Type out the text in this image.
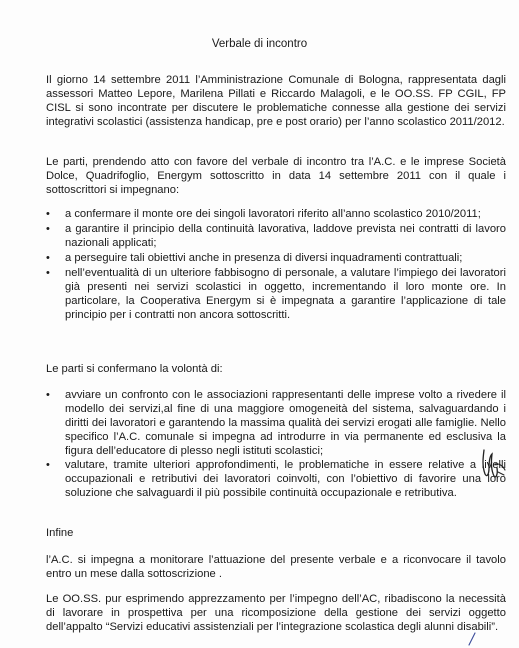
Verbale di incontro

Il giorno 14 settembre 2011 l’Amministrazione Comunale di Bologna, rappresentata dagli assessori Matteo Lepore, Marilena Pillati e Riccardo Malagoli, e le OO.SS. FP CGIL, FP CISL si sono incontrate per discutere le problematiche connesse alla gestione dei servizi integrativi scolastici (assistenza handicap, pre e post orario) per l’anno scolastico 2011/2012.

Le parti, prendendo atto con favore del verbale di incontro tra l’A.C. e le imprese Società Dolce, Quadrifoglio, Energym sottoscritto in data 14 settembre 2011 con il quale i sottoscrittori si impegnano:

•	a confermare il monte ore dei singoli lavoratori riferito all’anno scolastico 2010/2011;
•	a garantire il principio della continuità lavorativa, laddove prevista nei contratti di lavoro nazionali applicati;
•	a perseguire tali obiettivi anche in presenza di diversi inquadramenti contrattuali;
•	nell’eventualità di un ulteriore fabbisogno di personale, a valutare l’impiego dei lavoratori già presenti nei servizi scolastici in oggetto, incrementando il loro monte ore. In particolare, la Cooperativa Energym si è impegnata a garantire l’applicazione di tale principio per i contratti non ancora sottoscritti.

Le parti si confermano la volontà di:

•	avviare un confronto con le associazioni rappresentanti delle imprese volto a rivedere il modello dei servizi,al fine di una maggiore omogeneità del sistema, salvaguardando i diritti dei lavoratori e garantendo la massima qualità dei servizi erogati alle famiglie. Nello specifico l’A.C. comunale si impegna ad introdurre in via permanente ed esclusiva la figura dell’educatore di plesso negli istituti scolastici;
•	valutare, tramite ulteriori approfondimenti, le problematiche in essere relative a livelli occupazionali e retributivi dei lavoratori coinvolti, con l’obiettivo di favorire una loro soluzione che salvaguardi il più possibile continuità occupazionale e retributiva.

Infine

l’A.C. si impegna a monitorare l’attuazione del presente verbale e a riconvocare il tavolo entro un mese dalla sottoscrizione .

Le OO.SS. pur esprimendo apprezzamento per l’impegno dell’AC, ribadiscono la necessità di lavorare in prospettiva per una ricomposizione della gestione dei servizi oggetto dell’appalto “Servizi educativi assistenziali per l’integrazione scolastica degli alunni disabili”.
